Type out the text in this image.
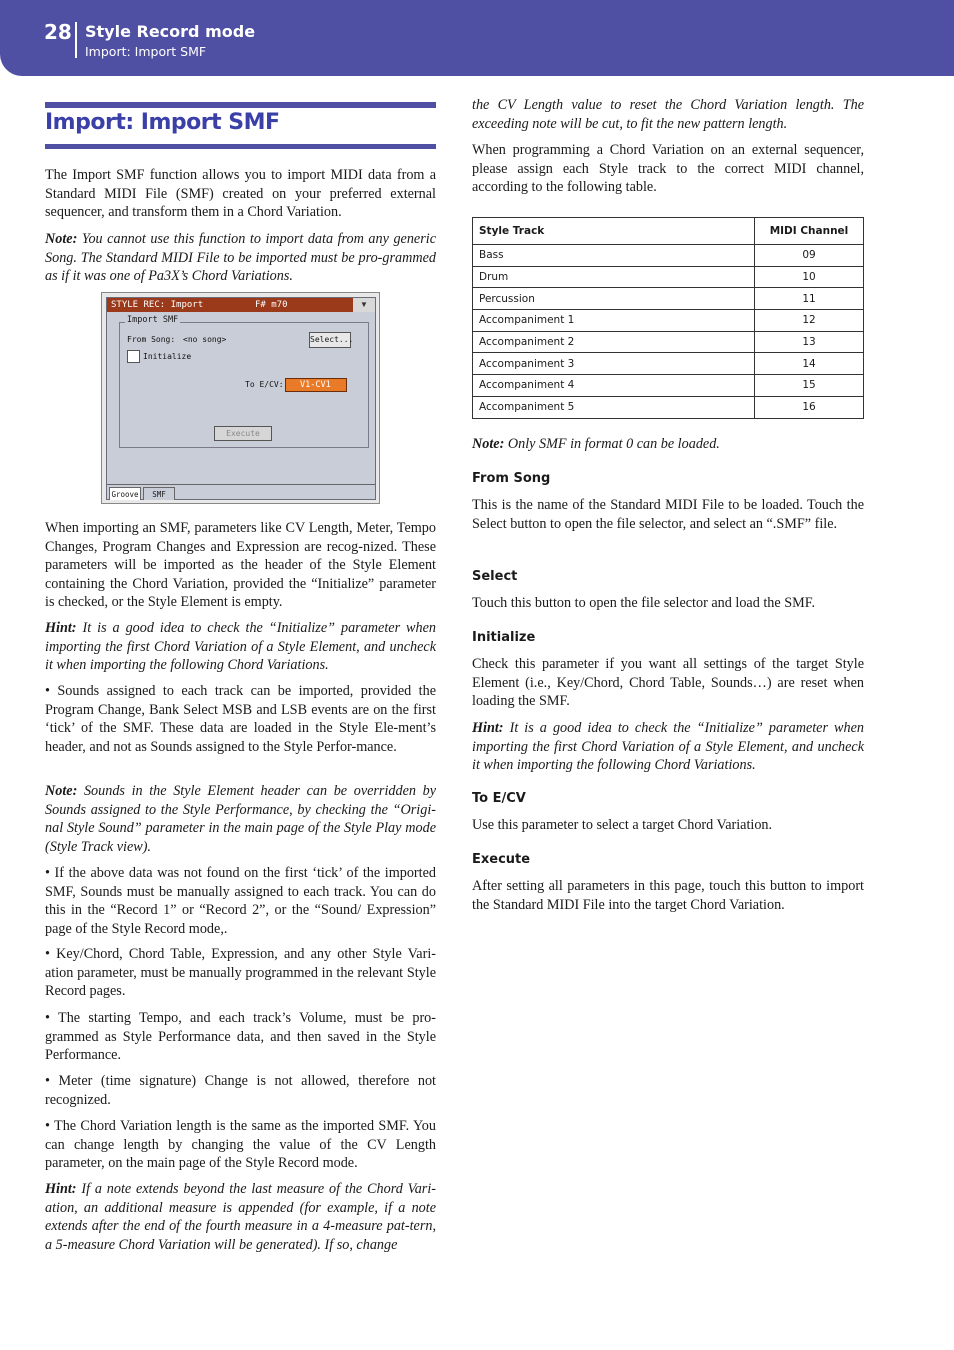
28 Style Record mode
Import: Import SMF
Import: Import SMF

The Import SMF function allows you to import MIDI data from a Standard MIDI File (SMF) created on your preferred external sequencer, and transform them in a Chord Variation.

Note: You cannot use this function to import data from any generic Song. The Standard MIDI File to be imported must be pro-grammed as if it was one of Pa3X’s Chord Variations.

STYLE REC: Import	F# m70	▼
Import SMF
From Song: <no song>	Select...
Initialize
To E/CV:	V1-CV1
Execute
Groove	SMF

When importing an SMF, parameters like CV Length, Meter, Tempo Changes, Program Changes and Expression are recog-nized. These parameters will be imported as the header of the Style Element containing the Chord Variation, provided the “Initialize” parameter is checked, or the Style Element is empty.

Hint: It is a good idea to check the “Initialize” parameter when importing the first Chord Variation of a Style Element, and uncheck it when importing the following Chord Variations.

• Sounds assigned to each track can be imported, provided the Program Change, Bank Select MSB and LSB events are on the first ‘tick’ of the SMF. These data are loaded in the Style Ele-ment’s header, and not as Sounds assigned to the Style Perfor-mance.

Note: Sounds in the Style Element header can be overridden by Sounds assigned to the Style Performance, by checking the “Origi-nal Style Sound” parameter in the main page of the Style Play mode (Style Track view).

• If the above data was not found on the first ‘tick’ of the imported SMF, Sounds must be manually assigned to each track. You can do this in the “Record 1” or “Record 2”, or the “Sound/ Expression” page of the Style Record mode,.

• Key/Chord, Chord Table, Expression, and any other Style Vari-ation parameter, must be manually programmed in the relevant Style Record pages.

• The starting Tempo, and each track’s Volume, must be pro-grammed as Style Performance data, and then saved in the Style Performance.

• Meter (time signature) Change is not allowed, therefore not recognized.

• The Chord Variation length is the same as the imported SMF. You can change length by changing the value of the CV Length parameter, on the main page of the Style Record mode.

Hint: If a note extends beyond the last measure of the Chord Vari-ation, an additional measure is appended (for example, if a note extends after the end of the fourth measure in a 4-measure pat-tern, a 5-measure Chord Variation will be generated). If so, change

the CV Length value to reset the Chord Variation length. The exceeding note will be cut, to fit the new pattern length.

When programming a Chord Variation on an external sequencer, please assign each Style track to the correct MIDI channel, according to the following table.

Style Track	MIDI Channel
Bass	09
Drum	10
Percussion	11
Accompaniment 1	12
Accompaniment 2	13
Accompaniment 3	14
Accompaniment 4	15
Accompaniment 5	16

Note: Only SMF in format 0 can be loaded.

From Song

This is the name of the Standard MIDI File to be loaded. Touch the Select button to open the file selector, and select an “.SMF” file.

Select

Touch this button to open the file selector and load the SMF.

Initialize

Check this parameter if you want all settings of the target Style Element (i.e., Key/Chord, Chord Table, Sounds…) are reset when loading the SMF.

Hint: It is a good idea to check the “Initialize” parameter when importing the first Chord Variation of a Style Element, and uncheck it when importing the following Chord Variations.

To E/CV

Use this parameter to select a target Chord Variation.

Execute

After setting all parameters in this page, touch this button to import the Standard MIDI File into the target Chord Variation.
